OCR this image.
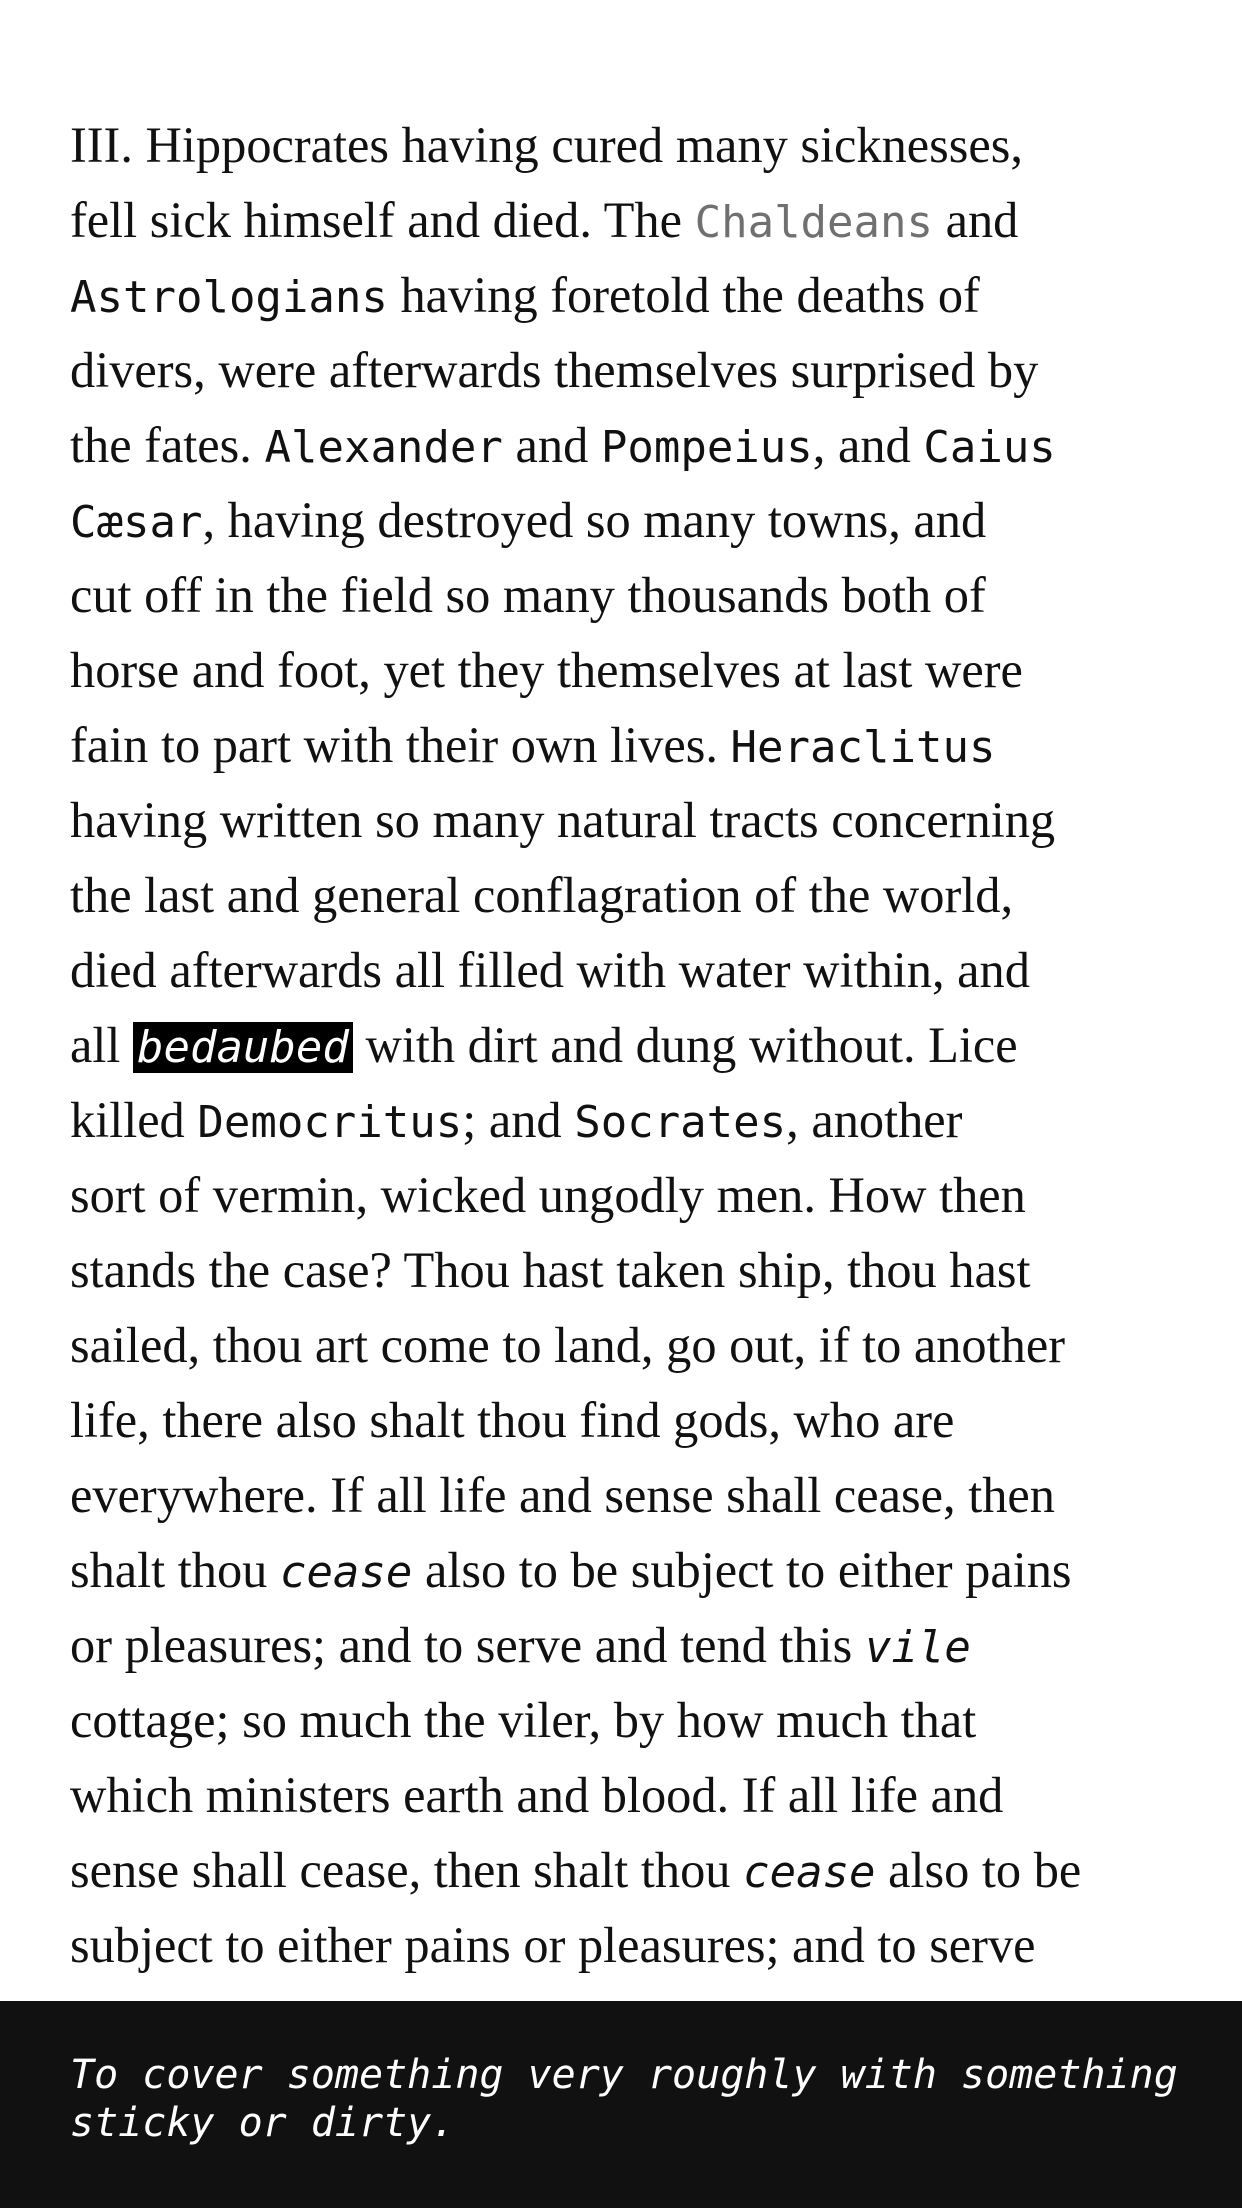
III. Hippocrates having cured many sicknesses,
fell sick himself and died. The Chaldeans and
Astrologians having foretold the deaths of
divers, were afterwards themselves surprised by
the fates. Alexander and Pompeius, and Caius
Cæsar, having destroyed so many towns, and
cut off in the field so many thousands both of
horse and foot, yet they themselves at last were
fain to part with their own lives. Heraclitus
having written so many natural tracts concerning
the last and general conflagration of the world,
died afterwards all filled with water within, and
all bedaubed with dirt and dung without. Lice
killed Democritus; and Socrates, another
sort of vermin, wicked ungodly men. How then
stands the case? Thou hast taken ship, thou hast
sailed, thou art come to land, go out, if to another
life, there also shalt thou find gods, who are
everywhere. If all life and sense shall cease, then
shalt thou cease also to be subject to either pains
or pleasures; and to serve and tend this vile
cottage; so much the viler, by how much that
which ministers earth and blood. If all life and
sense shall cease, then shalt thou cease also to be
subject to either pains or pleasures; and to serve
To cover something very roughly with something sticky or dirty.
